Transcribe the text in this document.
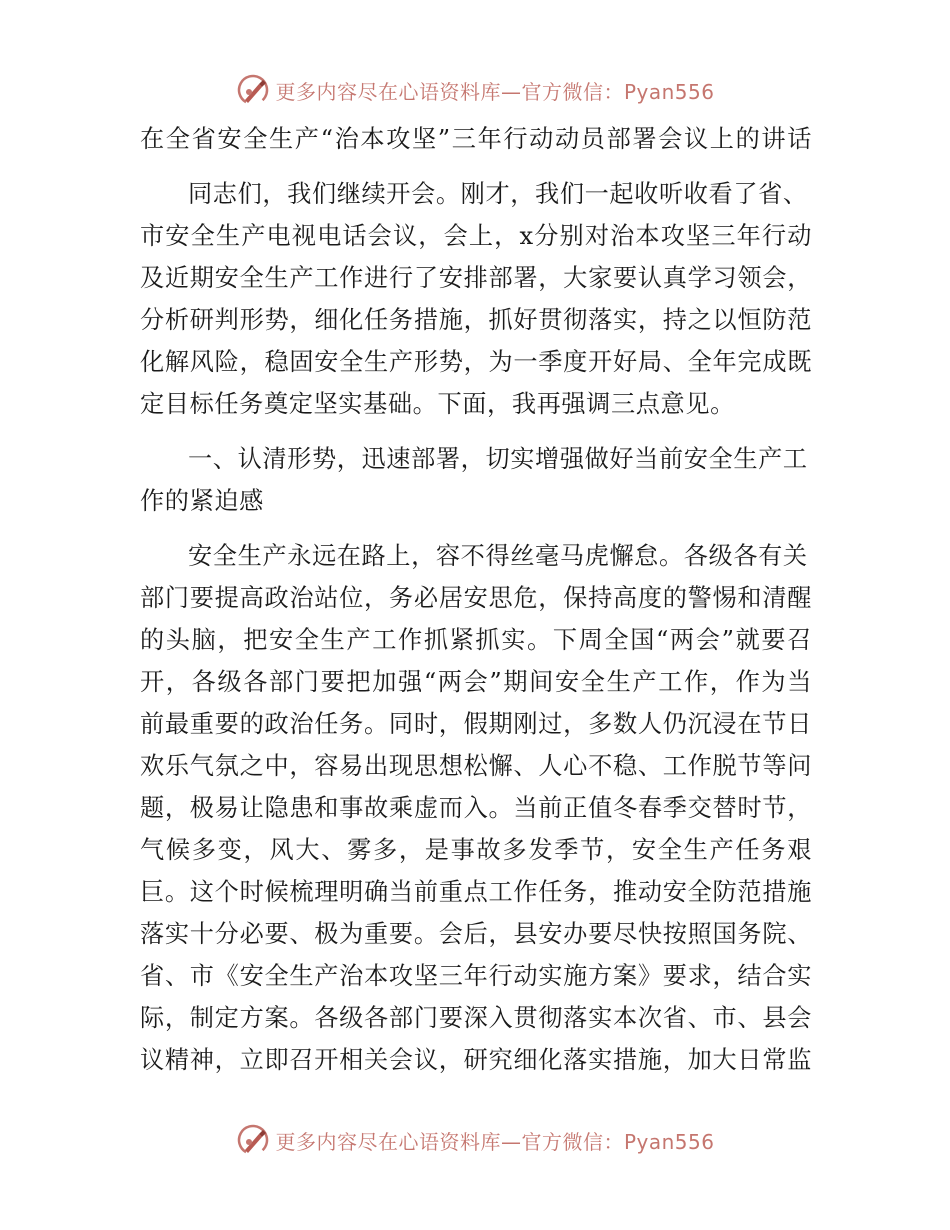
更多内容尽在心语资料库—官方微信：Pyan556
在全省安全生产“治本攻坚”三年行动动员部署会议上的讲话
同志们，我们继续开会。刚才，我们一起收听收看了省、
市安全生产电视电话会议，会上，x分别对治本攻坚三年行动
及近期安全生产工作进行了安排部署，大家要认真学习领会，
分析研判形势，细化任务措施，抓好贯彻落实，持之以恒防范
化解风险，稳固安全生产形势，为一季度开好局、全年完成既
定目标任务奠定坚实基础。下面，我再强调三点意见。
一、认清形势，迅速部署，切实增强做好当前安全生产工
作的紧迫感
安全生产永远在路上，容不得丝毫马虎懈怠。各级各有关
部门要提高政治站位，务必居安思危，保持高度的警惕和清醒
的头脑，把安全生产工作抓紧抓实。下周全国“两会”就要召
开，各级各部门要把加强“两会”期间安全生产工作，作为当
前最重要的政治任务。同时，假期刚过，多数人仍沉浸在节日
欢乐气氛之中，容易出现思想松懈、人心不稳、工作脱节等问
题，极易让隐患和事故乘虚而入。当前正值冬春季交替时节，
气候多变，风大、雾多，是事故多发季节，安全生产任务艰
巨。这个时候梳理明确当前重点工作任务，推动安全防范措施
落实十分必要、极为重要。会后，县安办要尽快按照国务院、
省、市《安全生产治本攻坚三年行动实施方案》要求，结合实
际，制定方案。各级各部门要深入贯彻落实本次省、市、县会
议精神，立即召开相关会议，研究细化落实措施，加大日常监
更多内容尽在心语资料库—官方微信：Pyan556
